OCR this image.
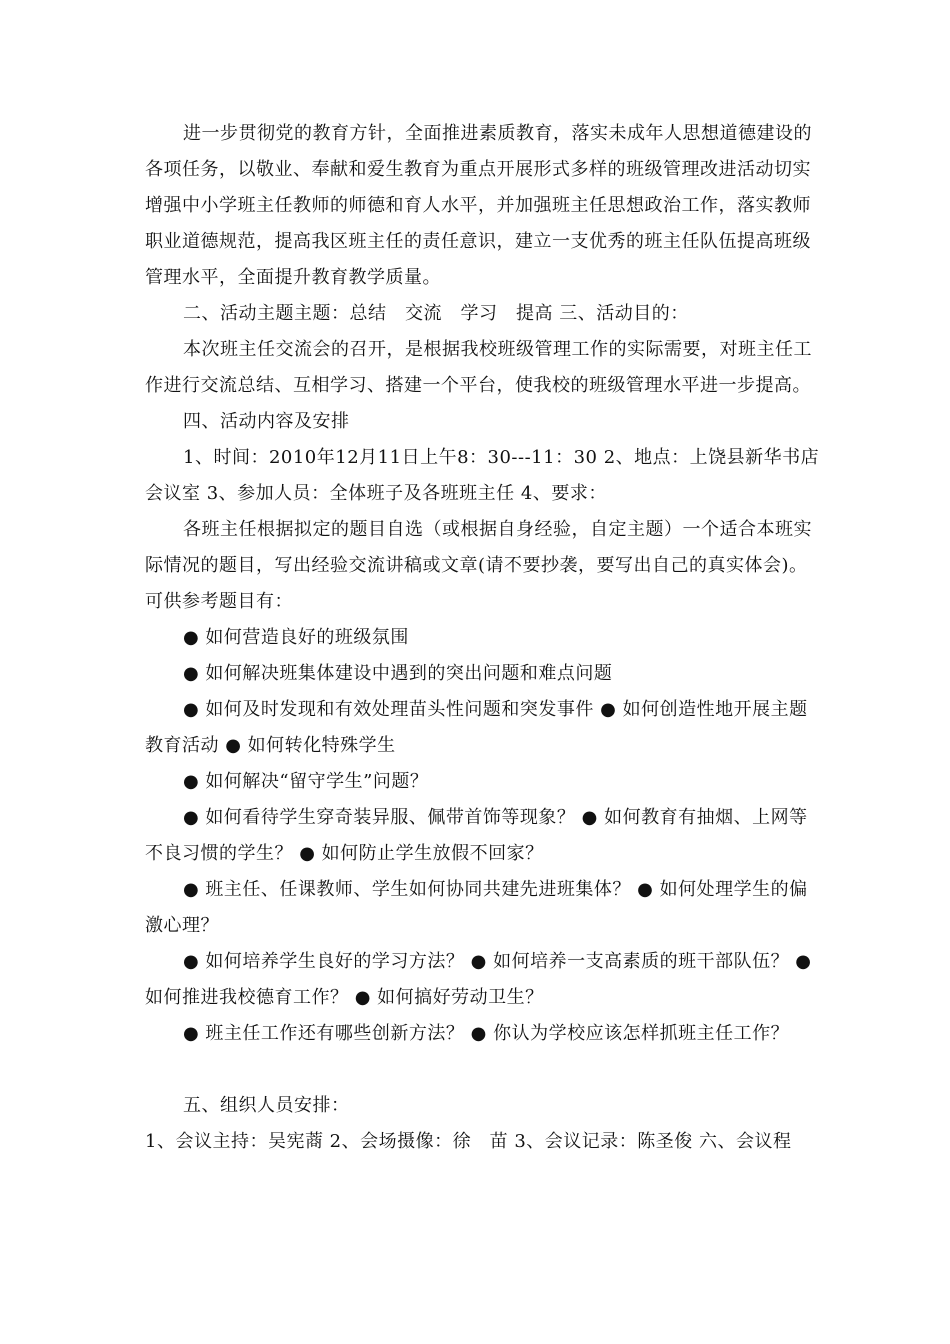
进一步贯彻党的教育方针，全面推进素质教育，落实未成年人思想道德建设的各项任务，以敬业、奉献和爱生教育为重点开展形式多样的班级管理改进活动切实增强中小学班主任教师的师德和育人水平，并加强班主任思想政治工作，落实教师职业道德规范，提高我区班主任的责任意识，建立一支优秀的班主任队伍提高班级管理水平，全面提升教育教学质量。

二、活动主题主题：总结　交流　学习　提高 三、活动目的：

本次班主任交流会的召开，是根据我校班级管理工作的实际需要，对班主任工作进行交流总结、互相学习、搭建一个平台，使我校的班级管理水平进一步提高。

四、活动内容及安排

1、时间：2010年12月11日上午8：30---11：30 2、地点：上饶县新华书店会议室 3、参加人员：全体班子及各班班主任 4、要求：

各班主任根据拟定的题目自选（或根据自身经验，自定主题）一个适合本班实际情况的题目，写出经验交流讲稿或文章(请不要抄袭，要写出自己的真实体会)。可供参考题目有：

● 如何营造良好的班级氛围

● 如何解决班集体建设中遇到的突出问题和难点问题

● 如何及时发现和有效处理苗头性问题和突发事件 ● 如何创造性地开展主题教育活动 ● 如何转化特殊学生

● 如何解决“留守学生”问题？

● 如何看待学生穿奇装异服、佩带首饰等现象？ ● 如何教育有抽烟、上网等不良习惯的学生？ ● 如何防止学生放假不回家？

● 班主任、任课教师、学生如何协同共建先进班集体？ ● 如何处理学生的偏激心理？

● 如何培养学生良好的学习方法？ ● 如何培养一支高素质的班干部队伍？ ● 如何推进我校德育工作？ ● 如何搞好劳动卫生？

● 班主任工作还有哪些创新方法？ ● 你认为学校应该怎样抓班主任工作？

五、组织人员安排：

1、会议主持：吴宪蔏 2、会场摄像：徐　苗 3、会议记录：陈圣俊 六、会议程
